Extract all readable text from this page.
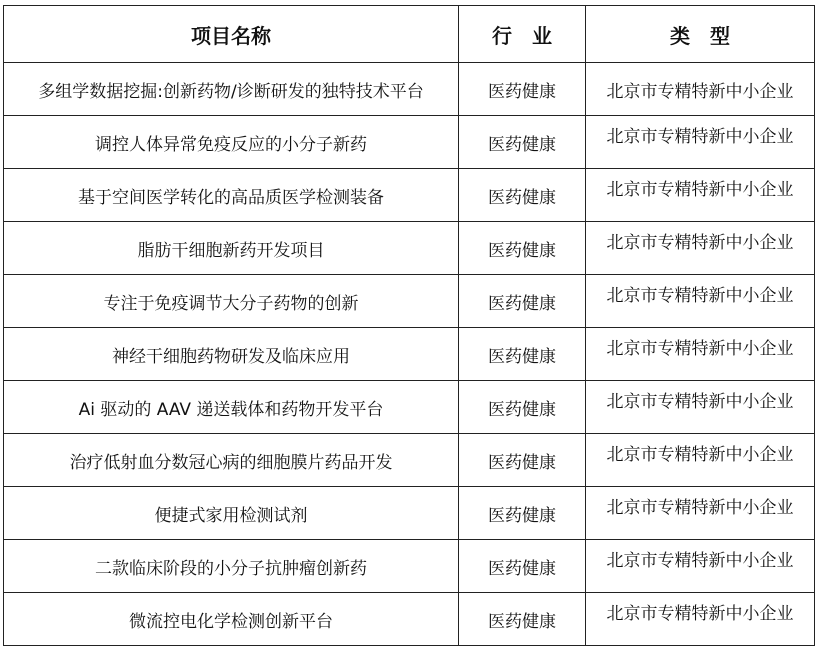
项目名称	行　业	类　型
多组学数据挖掘:创新药物/诊断研发的独特技术平台	医药健康	北京市专精特新中小企业
调控人体异常免疫反应的小分子新药	医药健康	北京市专精特新中小企业
基于空间医学转化的高品质医学检测装备	医药健康	北京市专精特新中小企业
脂肪干细胞新药开发项目	医药健康	北京市专精特新中小企业
专注于免疫调节大分子药物的创新	医药健康	北京市专精特新中小企业
神经干细胞药物研发及临床应用	医药健康	北京市专精特新中小企业
Ai 驱动的 AAV 递送载体和药物开发平台	医药健康	北京市专精特新中小企业
治疗低射血分数冠心病的细胞膜片药品开发	医药健康	北京市专精特新中小企业
便捷式家用检测试剂	医药健康	北京市专精特新中小企业
二款临床阶段的小分子抗肿瘤创新药	医药健康	北京市专精特新中小企业
微流控电化学检测创新平台	医药健康	北京市专精特新中小企业
